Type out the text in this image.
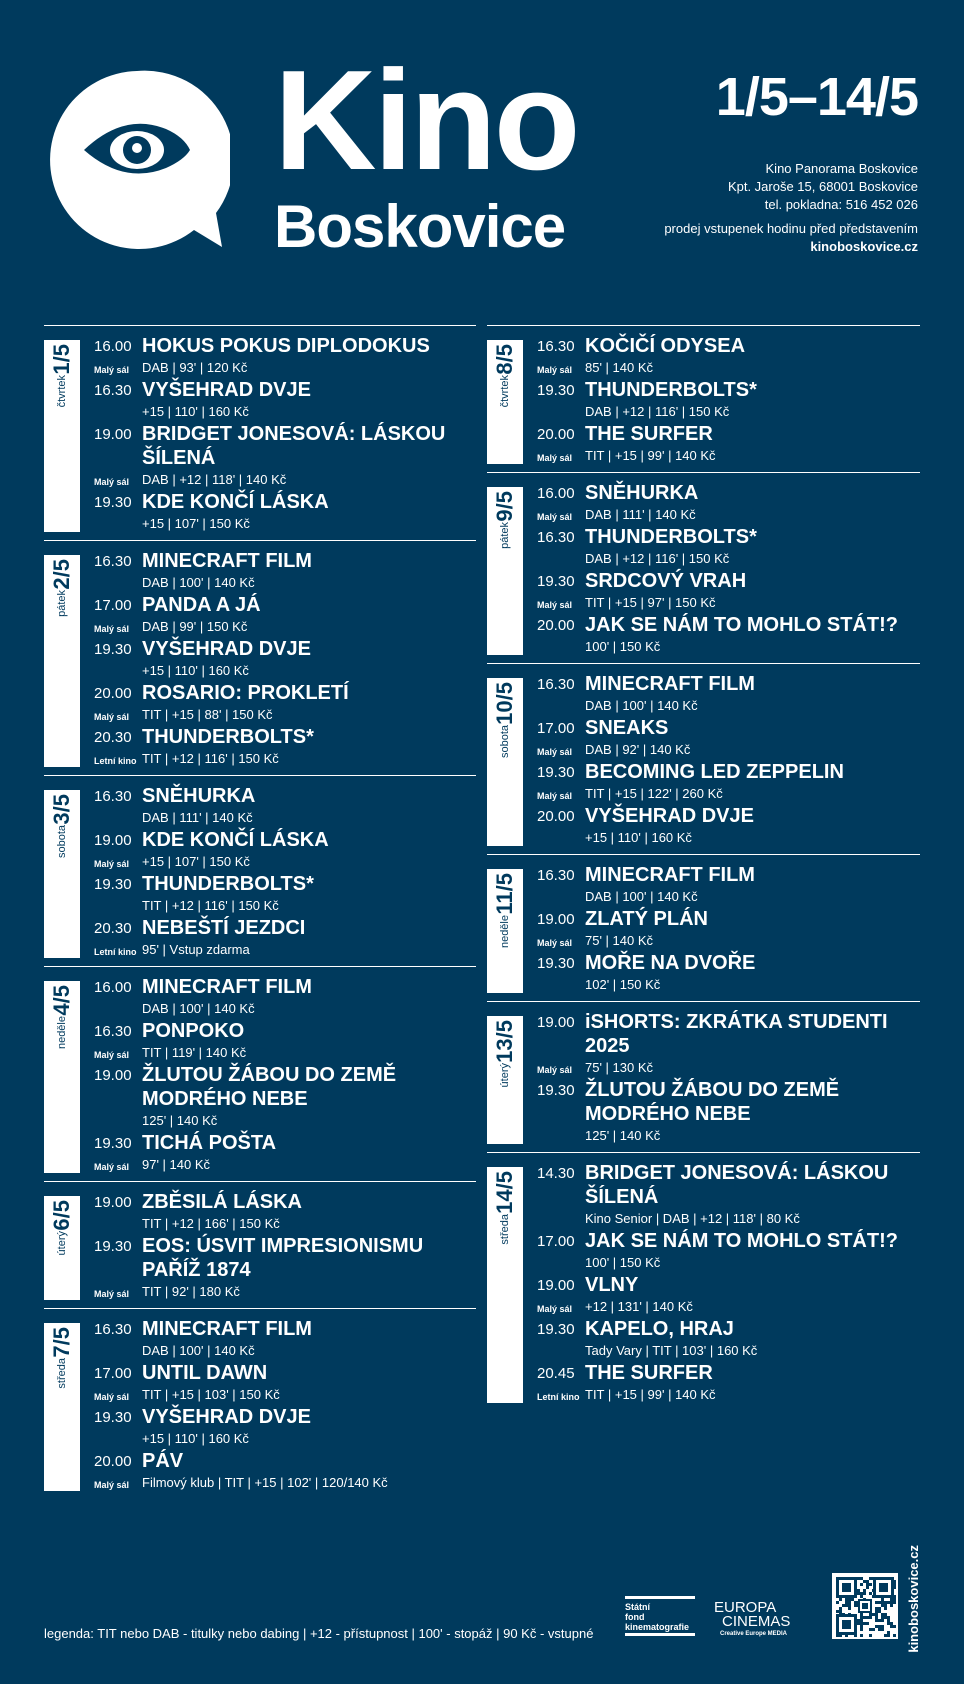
Kino
Boskovice
1/5–14/5
Kino Panorama Boskovice
Kpt. Jaroše 15, 68001 Boskovice
tel. pokladna: 516 452 026
prodej vstupenek hodinu před představením
kinoboskovice.cz
1/5
čtvrtek
16.00 HOKUS POKUS DIPLODOKUS
Malý sál DAB | 93' | 120 Kč
16.30 VYŠEHRAD DVJE
+15 | 110' | 160 Kč
19.00 BRIDGET JONESOVÁ: LÁSKOU ŠÍLENÁ
Malý sál DAB | +12 | 118' | 140 Kč
19.30 KDE KONČÍ LÁSKA
+15 | 107' | 150 Kč
2/5
pátek
16.30 MINECRAFT FILM
DAB | 100' | 140 Kč
17.00 PANDA A JÁ
Malý sál DAB | 99' | 150 Kč
19.30 VYŠEHRAD DVJE
+15 | 110' | 160 Kč
20.00 ROSARIO: PROKLETÍ
Malý sál TIT | +15 | 88' | 150 Kč
20.30 THUNDERBOLTS*
Letní kino TIT | +12 | 116' | 150 Kč
3/5
sobota
16.30 SNĚHURKA
DAB | 111' | 140 Kč
19.00 KDE KONČÍ LÁSKA
Malý sál +15 | 107' | 150 Kč
19.30 THUNDERBOLTS*
TIT | +12 | 116' | 150 Kč
20.30 NEBEŠTÍ JEZDCI
Letní kino 95' | Vstup zdarma
4/5
neděle
16.00 MINECRAFT FILM
DAB | 100' | 140 Kč
16.30 PONPOKO
Malý sál TIT | 119' | 140 Kč
19.00 ŽLUTOU ŽÁBOU DO ZEMĚ MODRÉHO NEBE
125' | 140 Kč
19.30 TICHÁ POŠTA
Malý sál 97' | 140 Kč
6/5
úterý
19.00 ZBĚSILÁ LÁSKA
TIT | +12 | 166' | 150 Kč
19.30 EOS: ÚSVIT IMPRESIONISMU PAŘÍŽ 1874
Malý sál TIT | 92' | 180 Kč
7/5
středa
16.30 MINECRAFT FILM
DAB | 100' | 140 Kč
17.00 UNTIL DAWN
Malý sál TIT | +15 | 103' | 150 Kč
19.30 VYŠEHRAD DVJE
+15 | 110' | 160 Kč
20.00 PÁV
Malý sál Filmový klub | TIT | +15 | 102' | 120/140 Kč
8/5
čtvrtek
16.30 KOČIČÍ ODYSEA
Malý sál 85' | 140 Kč
19.30 THUNDERBOLTS*
DAB | +12 | 116' | 150 Kč
20.00 THE SURFER
Malý sál TIT | +15 | 99' | 140 Kč
9/5
pátek
16.00 SNĚHURKA
Malý sál DAB | 111' | 140 Kč
16.30 THUNDERBOLTS*
DAB | +12 | 116' | 150 Kč
19.30 SRDCOVÝ VRAH
Malý sál TIT | +15 | 97' | 150 Kč
20.00 JAK SE NÁM TO MOHLO STÁT!?
100' | 150 Kč
10/5
sobota
16.30 MINECRAFT FILM
DAB | 100' | 140 Kč
17.00 SNEAKS
Malý sál DAB | 92' | 140 Kč
19.30 BECOMING LED ZEPPELIN
Malý sál TIT | +15 | 122' | 260 Kč
20.00 VYŠEHRAD DVJE
+15 | 110' | 160 Kč
11/5
neděle
16.30 MINECRAFT FILM
DAB | 100' | 140 Kč
19.00 ZLATÝ PLÁN
Malý sál 75' | 140 Kč
19.30 MOŘE NA DVOŘE
102' | 150 Kč
13/5
úterý
19.00 iSHORTS: ZKRÁTKA STUDENTI 2025
Malý sál 75' | 130 Kč
19.30 ŽLUTOU ŽÁBOU DO ZEMĚ MODRÉHO NEBE
125' | 140 Kč
14/5
středa
14.30 BRIDGET JONESOVÁ: LÁSKOU ŠÍLENÁ
Kino Senior | DAB | +12 | 118' | 80 Kč
17.00 JAK SE NÁM TO MOHLO STÁT!?
100' | 150 Kč
19.00 VLNY
Malý sál +12 | 131' | 140 Kč
19.30 KAPELO, HRAJ
Tady Vary | TIT | 103' | 160 Kč
20.45 THE SURFER
Letní kino TIT | +15 | 99' | 140 Kč
legenda: TIT nebo DAB - titulky nebo dabing | +12 - přístupnost | 100' - stopáž | 90 Kč - vstupné
Státní
fond
kinematografie
EUROPA
CINEMAS
Creative Europe MEDIA	kinoboskovice.cz
